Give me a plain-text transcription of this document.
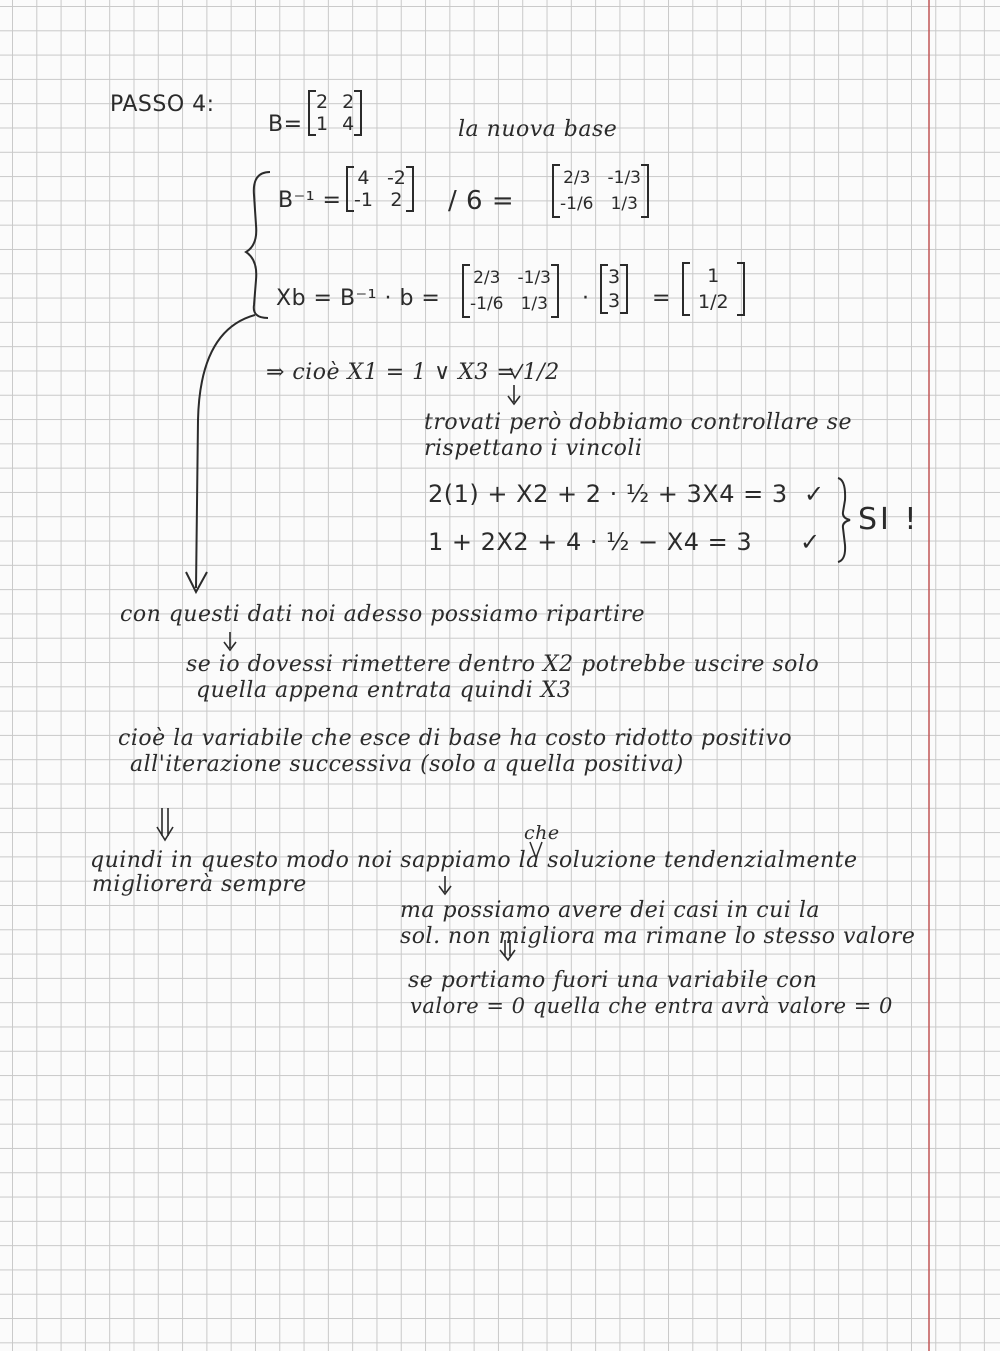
PASSO 4:
B=
2 2
1 4	la nuova base
B⁻¹ =
4 -2
-1 2 / 6 =
2/3 -1/3
-1/6 1/3
Xb = B⁻¹ · b =
2/3 -1/3
-1/6 1/3 ·
3
3 =
1
1/2
⇒ cioè X1 = 1 ∨ X3 = 1/2
trovati però dobbiamo controllare se
rispettano i vincoli
2(1) + X2 + 2 · ½ + 3X4 = 3 ✓
1 + 2X2 + 4 · ½ − X4 = 3 ✓
SI !
con questi dati noi adesso possiamo ripartire
se io dovessi rimettere dentro X2 potrebbe uscire solo
quella appena entrata quindi X3
cioè la variabile che esce di base ha costo ridotto positivo
all'iterazione successiva (solo a quella positiva)
che
quindi in questo modo noi sappiamo la soluzione tendenzialmente
migliorerà sempre
ma possiamo avere dei casi in cui la
sol. non migliora ma rimane lo stesso valore
se portiamo fuori una variabile con
valore = 0 quella che entra avrà valore = 0
